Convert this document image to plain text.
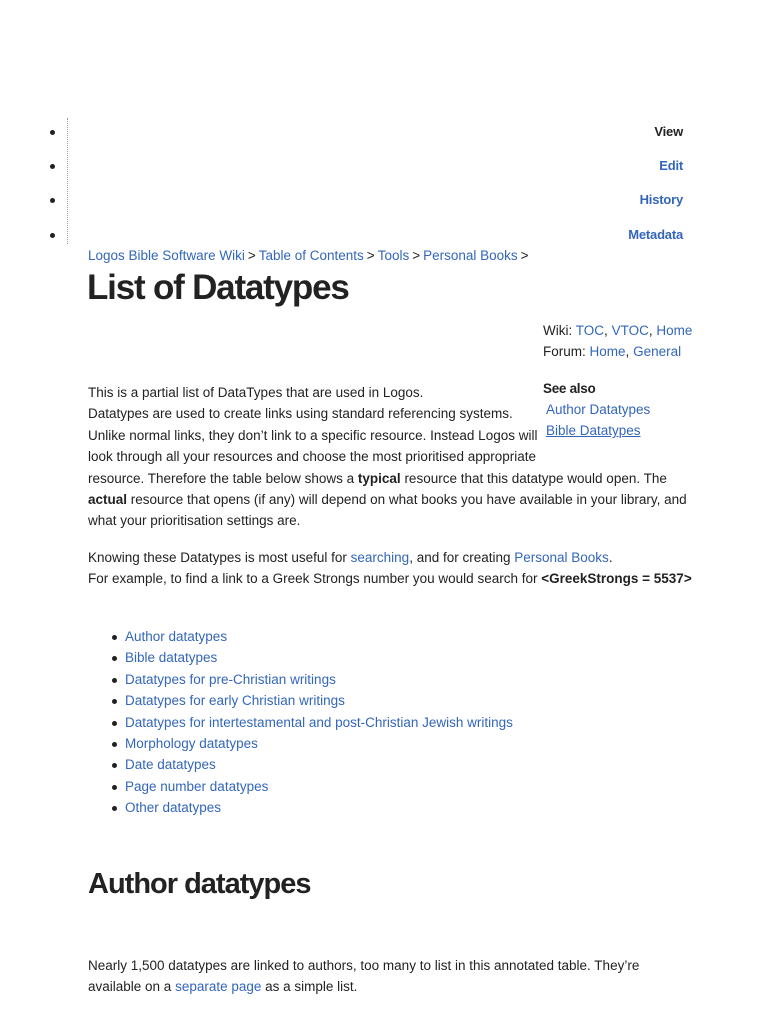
View
Edit
History
Metadata
Logos Bible Software Wiki > Table of Contents > Tools > Personal Books >
List of Datatypes
Wiki: TOC, VTOC, Home
Forum: Home, General
See also
Author Datatypes
Bible Datatypes

This is a partial list of DataTypes that are used in Logos.
Datatypes are used to create links using standard referencing systems.
Unlike normal links, they don’t link to a specific resource. Instead Logos will
look through all your resources and choose the most prioritised appropriate
resource. Therefore the table below shows a typical resource that this datatype would open. The
actual resource that opens (if any) will depend on what books you have available in your library, and
what your prioritisation settings are.

Knowing these Datatypes is most useful for searching, and for creating Personal Books.
For example, to find a link to a Greek Strongs number you would search for <GreekStrongs = 5537>

Author datatypes
Bible datatypes
Datatypes for pre-Christian writings
Datatypes for early Christian writings
Datatypes for intertestamental and post-Christian Jewish writings
Morphology datatypes
Date datatypes
Page number datatypes
Other datatypes
Author datatypes

Nearly 1,500 datatypes are linked to authors, too many to list in this annotated table. They’re
available on a separate page as a simple list.
